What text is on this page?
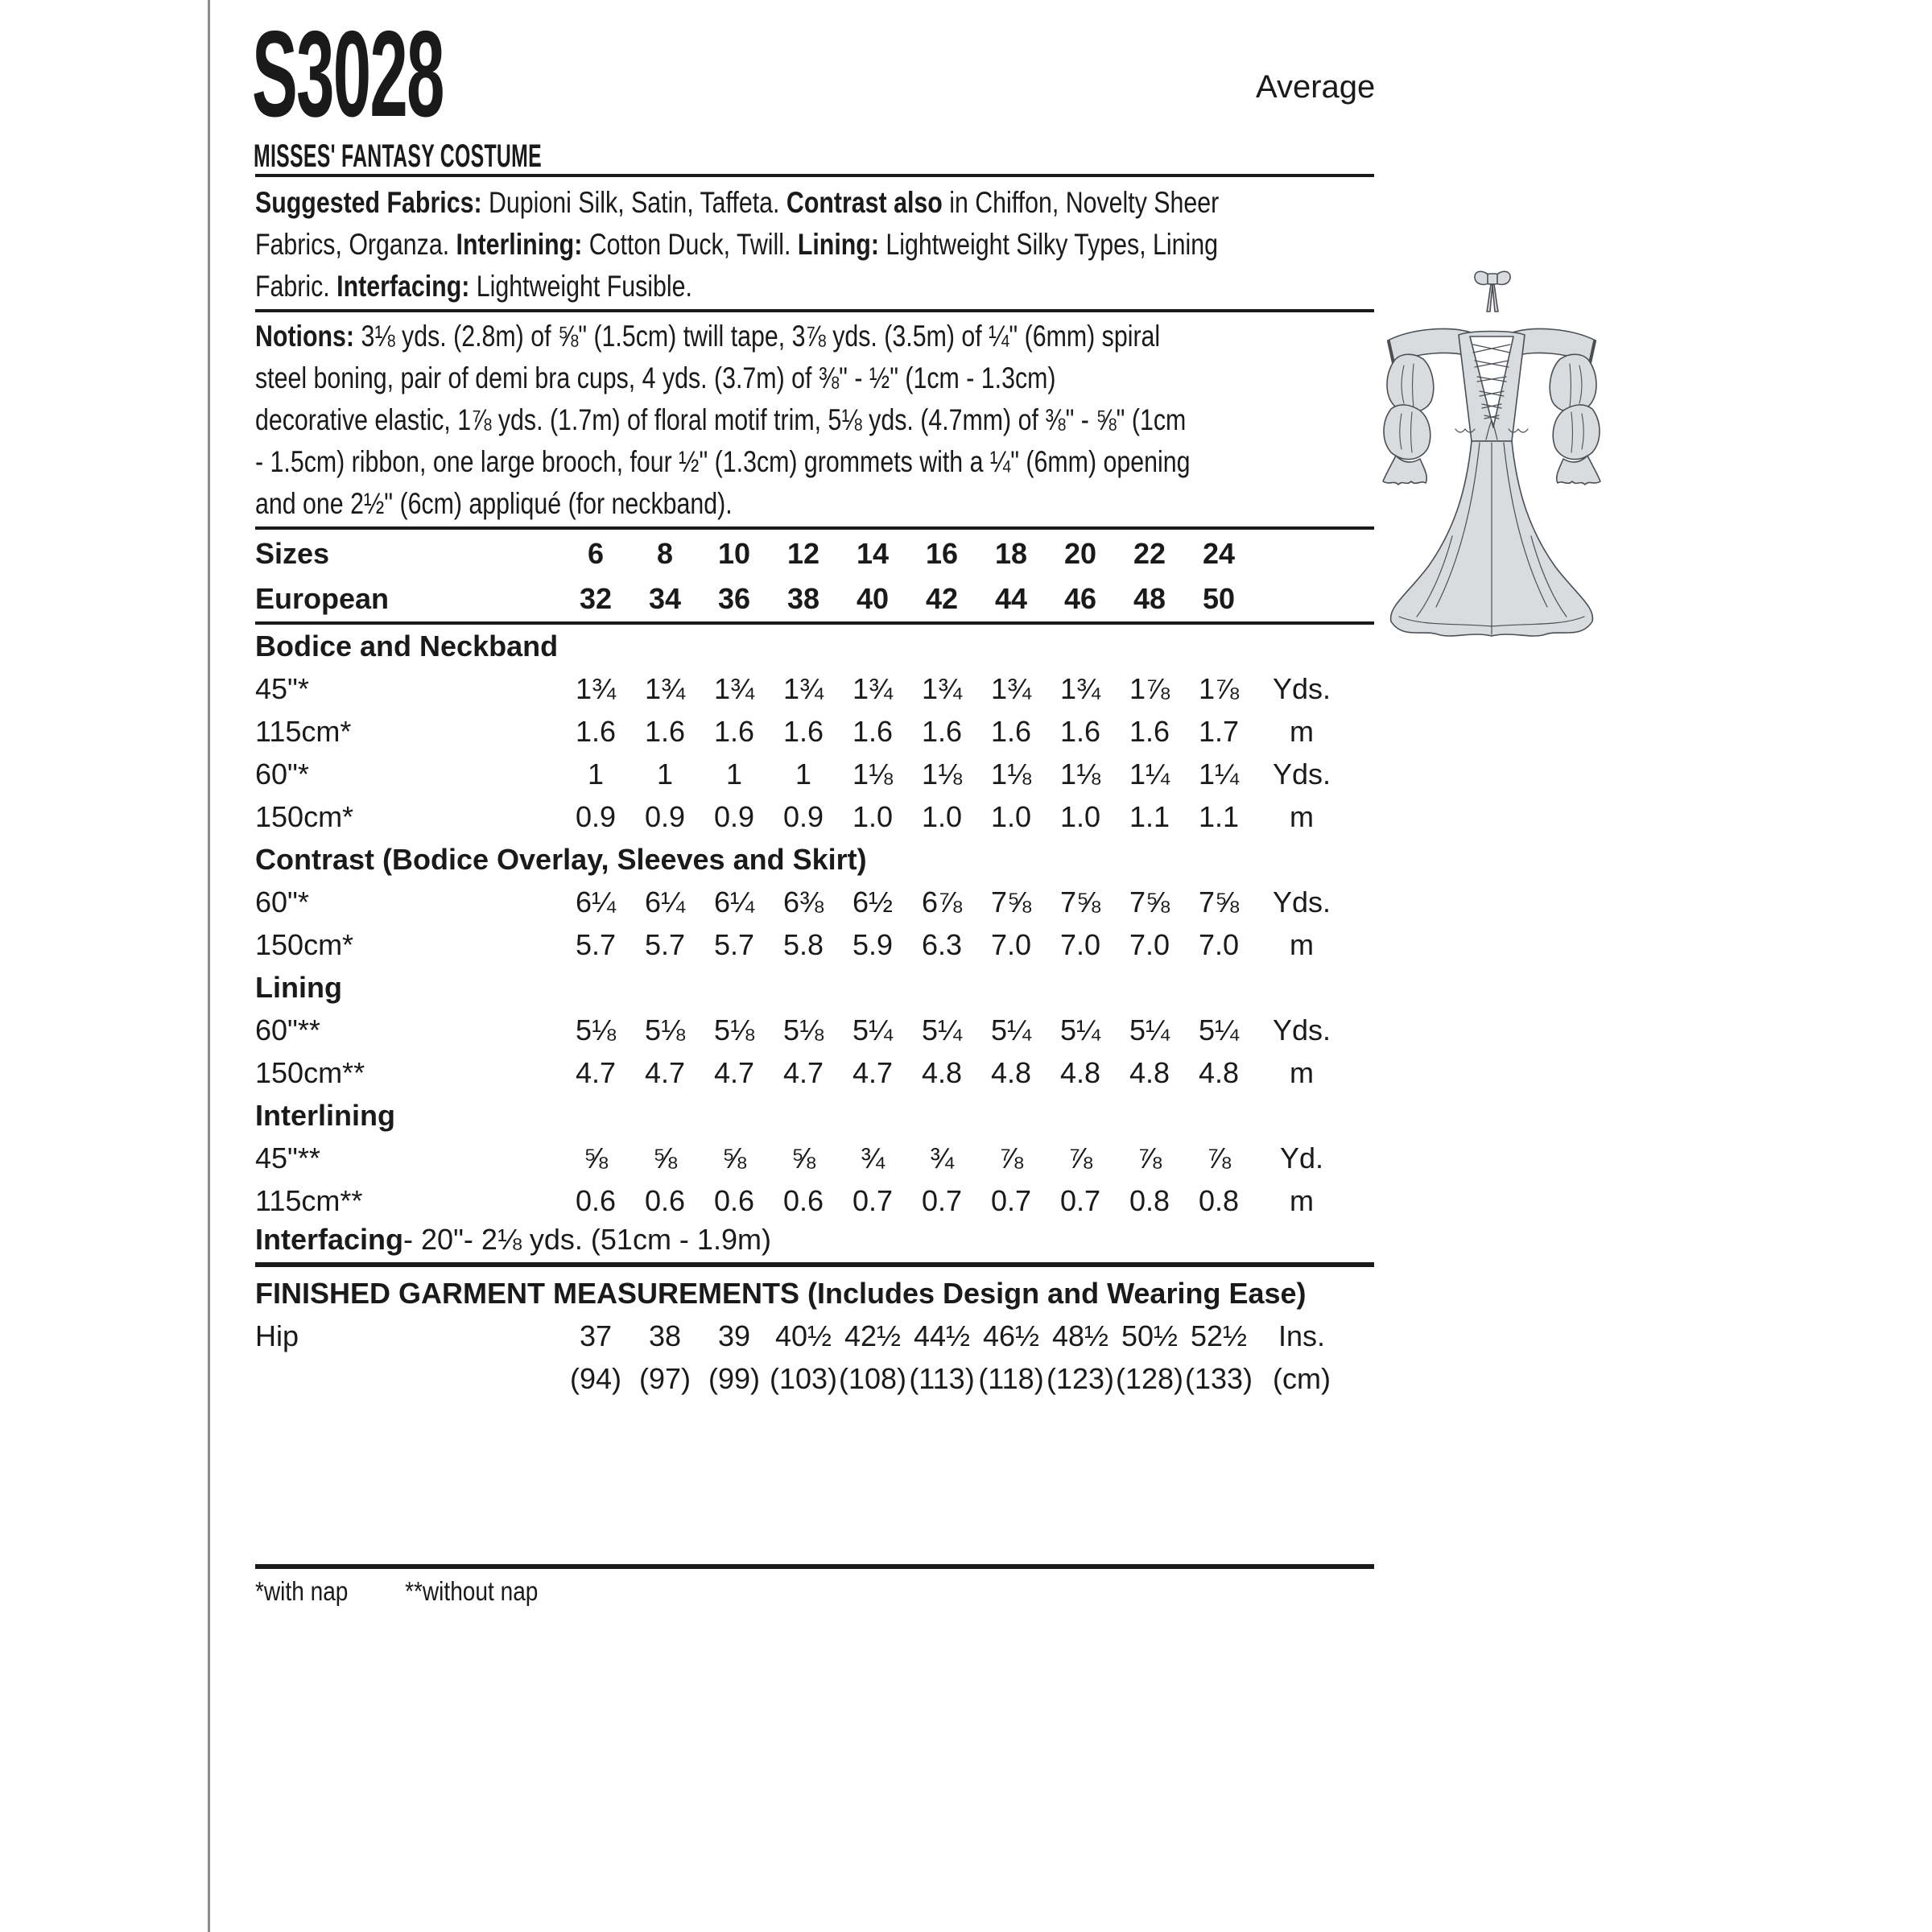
S3028	Average
MISSES' FANTASY COSTUME
Suggested Fabrics: Dupioni Silk, Satin, Taffeta. Contrast also in Chiffon, Novelty Sheer
Fabrics, Organza. Interlining: Cotton Duck, Twill. Lining: Lightweight Silky Types, Lining
Fabric. Interfacing: Lightweight Fusible.
Notions: 3⅛ yds. (2.8m) of ⅝" (1.5cm) twill tape, 3⅞ yds. (3.5m) of ¼" (6mm) spiral
steel boning, pair of demi bra cups, 4 yds. (3.7m) of ⅜" - ½" (1cm - 1.3cm)
decorative elastic, 1⅞ yds. (1.7m) of floral motif trim, 5⅛ yds. (4.7mm) of ⅜" - ⅝" (1cm
- 1.5cm) ribbon, one large brooch, four ½" (1.3cm) grommets with a ¼" (6mm) opening
and one 2½" (6cm) appliqué (for neckband).
Sizes	6	8	10	12	14	16	18	20	22	24
European	32	34	36	38	40	42	44	46	48	50
Bodice and Neckband
45"*	1¾ 1¾ 1¾ 1¾ 1¾ 1¾ 1¾ 1¾ 1⅞ 1⅞	Yds.
115cm*	1.6 1.6 1.6 1.6 1.6 1.6 1.6 1.6 1.6 1.7	m
60"*	1	1	1	1	1⅛ 1⅛ 1⅛ 1⅛ 1¼ 1¼	Yds.
150cm*	0.9 0.9 0.9 0.9 1.0 1.0 1.0 1.0 1.1 1.1	m
Contrast (Bodice Overlay, Sleeves and Skirt)
60"*	6¼ 6¼ 6¼ 6⅜ 6½ 6⅞ 7⅝ 7⅝ 7⅝ 7⅝	Yds.
150cm*	5.7 5.7 5.7 5.8 5.9 6.3 7.0 7.0 7.0 7.0	m
Lining
60"**	5⅛ 5⅛ 5⅛ 5⅛ 5¼ 5¼ 5¼ 5¼ 5¼ 5¼	Yds.
150cm**	4.7 4.7 4.7 4.7 4.7 4.8 4.8 4.8 4.8 4.8	m
Interlining
45"**	⅝	⅝	⅝	⅝	¾	¾	⅞	⅞	⅞	⅞	Yd.
115cm**	0.6 0.6 0.6 0.6 0.7 0.7 0.7 0.7 0.8 0.8	m
Interfacing - 20"- 2⅛ yds. (51cm - 1.9m)
FINISHED GARMENT MEASUREMENTS (Includes Design and Wearing Ease)
Hip	37	38	39 40½ 42½ 44½ 46½ 48½ 50½ 52½	Ins.
(94) (97) (99) (103) (108) (113) (118) (123) (128) (133) (cm)
*with nap **without nap
